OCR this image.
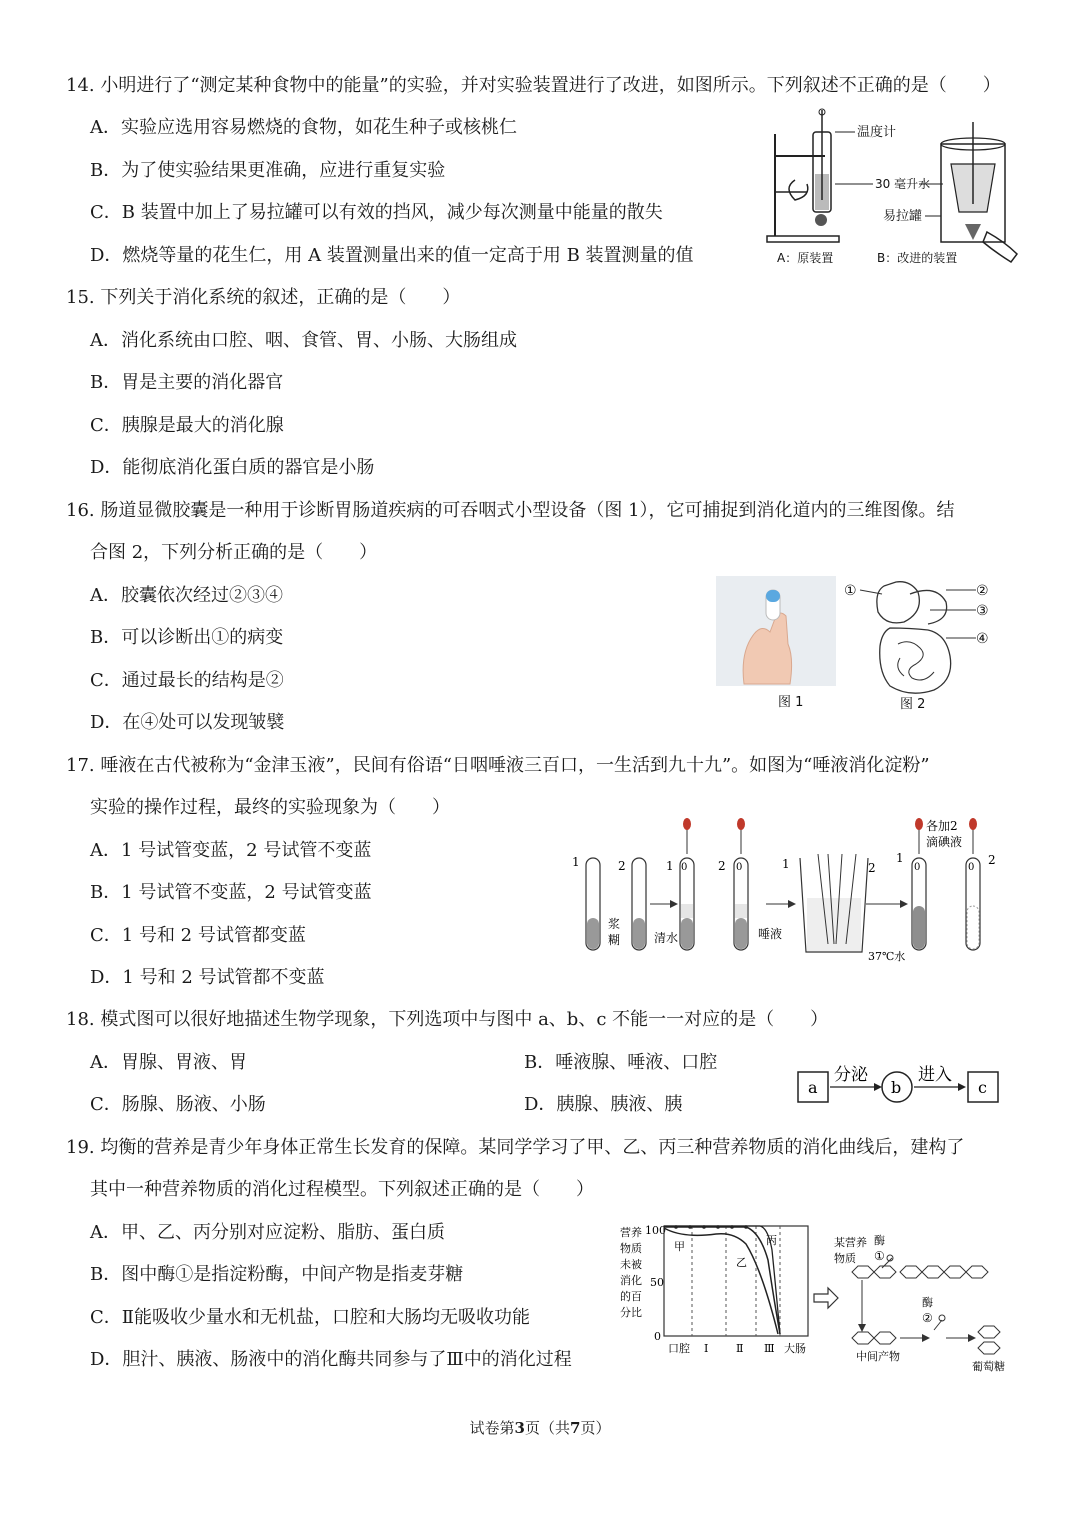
14. 小明进行了“测定某种食物中的能量”的实验，并对实验装置进行了改进，如图所示。下列叙述不正确的是（　　）
A．实验应选用容易燃烧的食物，如花生种子或核桃仁
B．为了使实验结果更准确，应进行重复实验
C．B 装置中加上了易拉罐可以有效的挡风，减少每次测量中能量的散失
D．燃烧等量的花生仁，用 A 装置测量出来的值一定高于用 B 装置测量的值
温度计
30 毫升水
易拉罐
A：原装置	B：改进的装置
15. 下列关于消化系统的叙述，正确的是（　　）
A．消化系统由口腔、咽、食管、胃、小肠、大肠组成
B．胃是主要的消化器官
C．胰腺是最大的消化腺
D．能彻底消化蛋白质的器官是小肠
16. 肠道显微胶囊是一种用于诊断胃肠道疾病的可吞咽式小型设备（图 1），它可捕捉到消化道内的三维图像。结
合图 2，下列分析正确的是（　　）
A．胶囊依次经过②③④
B．可以诊断出①的病变
C．通过最长的结构是②
D．在④处可以发现皱襞
①	②
③
④
图 1	图 2
17. 唾液在古代被称为“金津玉液”，民间有俗语“日咽唾液三百口，一生活到九十九”。如图为“唾液消化淀粉”
实验的操作过程，最终的实验现象为（　　）
A．1 号试管变蓝，2 号试管不变蓝
B．1 号试管不变蓝，2 号试管变蓝
C．1 号和 2 号试管都变蓝
D．1 号和 2 号试管都不变蓝
1	2
浆
糊
1 0
清水
2 0
唾液
1	2
37℃水
1
0
2
0
各加2
滴碘液
18. 模式图可以很好地描述生物学现象，下列选项中与图中 a、b、c 不能一一对应的是（　　）
A．胃腺、胃液、胃	B．唾液腺、唾液、口腔
C．肠腺、肠液、小肠	D．胰腺、胰液、胰
a
分泌
b
进入
c
19. 均衡的营养是青少年身体正常生长发育的保障。某同学学习了甲、乙、丙三种营养物质的消化曲线后，建构了
其中一种营养物质的消化过程模型。下列叙述正确的是（　　）
A．甲、乙、丙分别对应淀粉、脂肪、蛋白质
B．图中酶①是指淀粉酶，中间产物是指麦芽糖
C．Ⅱ能吸收少量水和无机盐，口腔和大肠均无吸收功能
D．胆汁、胰液、肠液中的消化酶共同参与了Ⅲ中的消化过程
营养
物质
未被
消化
的百
分比
100
50
0
甲
乙
丙
口腔 Ⅰ	Ⅱ Ⅲ 大肠
某营养
物质
酶
①
酶
②
中间产物
葡萄糖
试卷第3页（共7页）
